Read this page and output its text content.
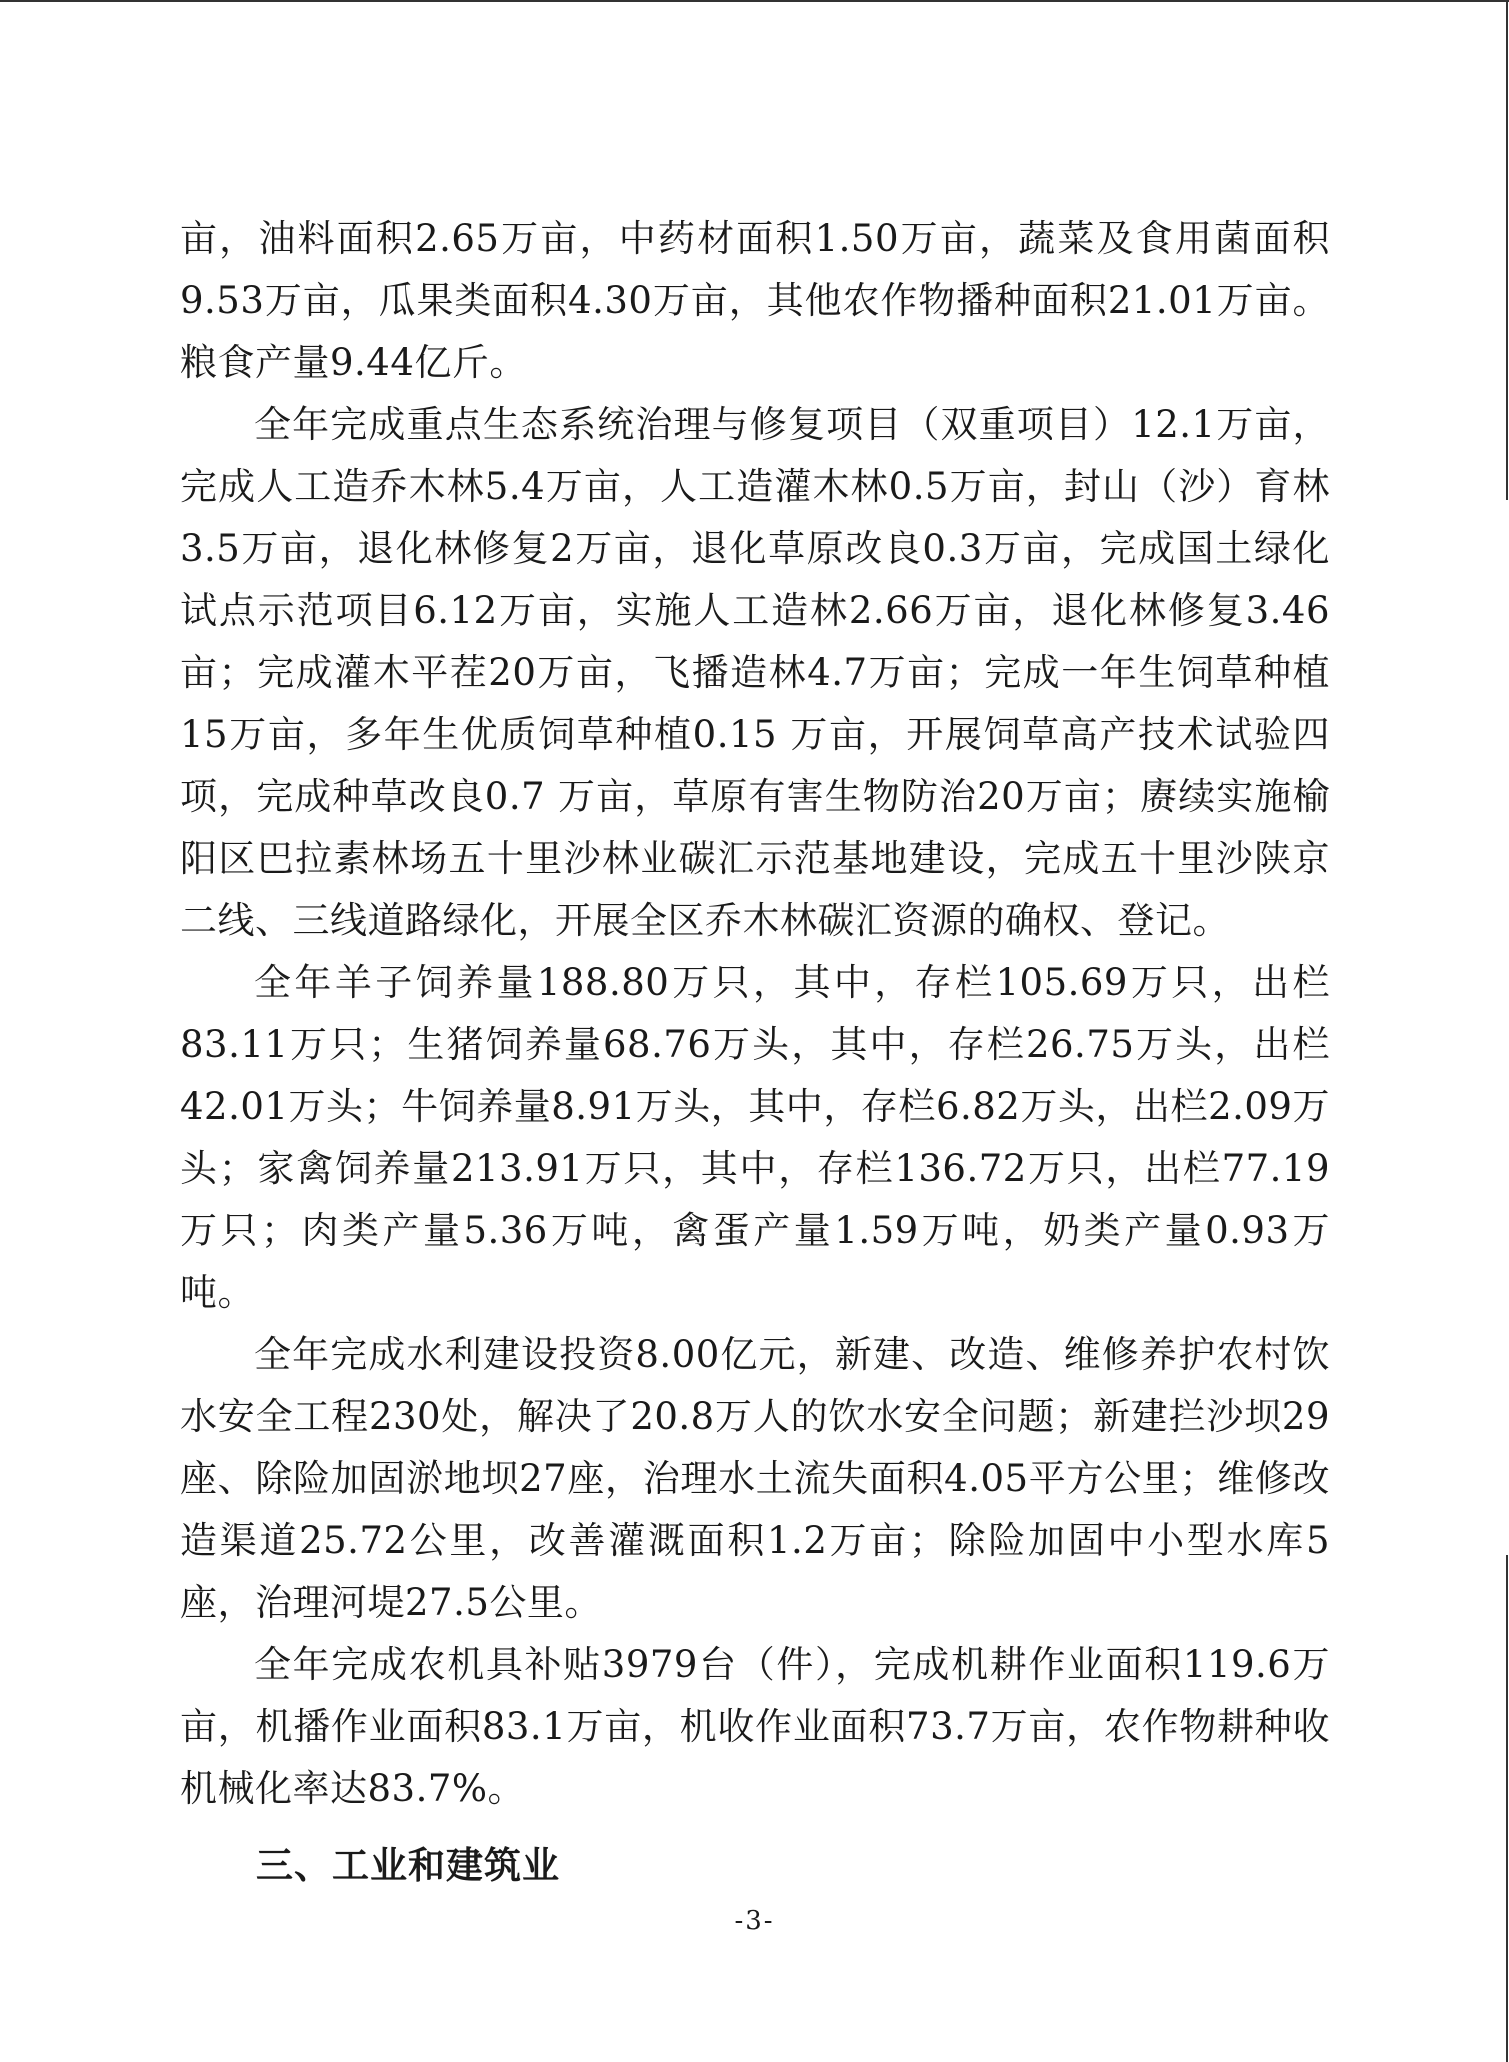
亩，油料面积2.65万亩，中药材面积1.50万亩，蔬菜及食用菌面积9.53万亩，瓜果类面积4.30万亩，其他农作物播种面积21.01万亩。粮食产量9.44亿斤。

全年完成重点生态系统治理与修复项目（双重项目）12.1万亩，完成人工造乔木林5.4万亩，人工造灌木林0.5万亩，封山（沙）育林3.5万亩，退化林修复2万亩，退化草原改良0.3万亩，完成国土绿化试点示范项目6.12万亩，实施人工造林2.66万亩，退化林修复3.46亩；完成灌木平茬20万亩，飞播造林4.7万亩；完成一年生饲草种植15万亩，多年生优质饲草种植0.15 万亩，开展饲草高产技术试验四项，完成种草改良0.7 万亩，草原有害生物防治20万亩；赓续实施榆阳区巴拉素林场五十里沙林业碳汇示范基地建设，完成五十里沙陕京二线、三线道路绿化，开展全区乔木林碳汇资源的确权、登记。

全年羊子饲养量188.80万只，其中，存栏105.69万只，出栏83.11万只；生猪饲养量68.76万头，其中，存栏26.75万头，出栏42.01万头；牛饲养量8.91万头，其中，存栏6.82万头，出栏2.09万头；家禽饲养量213.91万只，其中，存栏136.72万只，出栏77.19万只；肉类产量5.36万吨，禽蛋产量1.59万吨，奶类产量0.93万吨。

全年完成水利建设投资8.00亿元，新建、改造、维修养护农村饮水安全工程230处，解决了20.8万人的饮水安全问题；新建拦沙坝29座、除险加固淤地坝27座，治理水土流失面积4.05平方公里；维修改造渠道25.72公里，改善灌溉面积1.2万亩；除险加固中小型水库5座，治理河堤27.5公里。

全年完成农机具补贴3979台（件），完成机耕作业面积119.6万亩，机播作业面积83.1万亩，机收作业面积73.7万亩，农作物耕种收机械化率达83.7%。

三、工业和建筑业
-3-
